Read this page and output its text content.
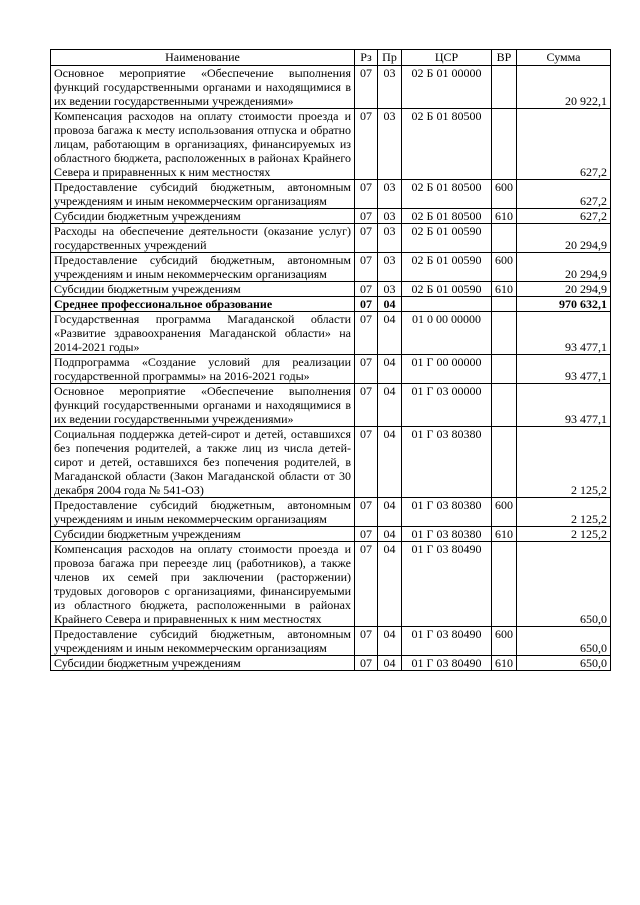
Наименование	Рз	Пр	ЦСР	ВР	Сумма
Основное мероприятие «Обеспечение выполнения функций государственными органами и находящимися в их ведении государственными учреждениями»	07	03	02 Б 01 00000		20 922,1
Компенсация расходов на оплату стоимости проезда и провоза багажа к месту использования отпуска и обратно лицам, работающим в организациях, финансируемых из областного бюджета, расположенных в районах Крайнего Севера и приравненных к ним местностях	07	03	02 Б 01 80500		627,2
Предоставление субсидий бюджетным, автономным учреждениям и иным некоммерческим организациям	07	03	02 Б 01 80500	600	627,2
Субсидии бюджетным учреждениям	07	03	02 Б 01 80500	610	627,2
Расходы на обеспечение деятельности (оказание услуг) государственных учреждений	07	03	02 Б 01 00590		20 294,9
Предоставление субсидий бюджетным, автономным учреждениям и иным некоммерческим организациям	07	03	02 Б 01 00590	600	20 294,9
Субсидии бюджетным учреждениям	07	03	02 Б 01 00590	610	20 294,9
Среднее профессиональное образование	07	04			970 632,1
Государственная программа Магаданской области «Развитие здравоохранения Магаданской области» на 2014-2021 годы»	07	04	01 0 00 00000		93 477,1
Подпрограмма «Создание условий для реализации государственной программы» на 2016-2021 годы»	07	04	01 Г 00 00000		93 477,1
Основное мероприятие «Обеспечение выполнения функций государственными органами и находящимися в их ведении государственными учреждениями»	07	04	01 Г 03 00000		93 477,1
Социальная поддержка детей-сирот и детей, оставшихся без попечения родителей, а также лиц из числа детей-сирот и детей, оставшихся без попечения родителей, в Магаданской области (Закон Магаданской области от 30 декабря 2004 года № 541-ОЗ)	07	04	01 Г 03 80380		2 125,2
Предоставление субсидий бюджетным, автономным учреждениям и иным некоммерческим организациям	07	04	01 Г 03 80380	600	2 125,2
Субсидии бюджетным учреждениям	07	04	01 Г 03 80380	610	2 125,2
Компенсация расходов на оплату стоимости проезда и провоза багажа при переезде лиц (работников), а также членов их семей при заключении (расторжении) трудовых договоров с организациями, финансируемыми из областного бюджета, расположенными в районах Крайнего Севера и приравненных к ним местностях	07	04	01 Г 03 80490		650,0
Предоставление субсидий бюджетным, автономным учреждениям и иным некоммерческим организациям	07	04	01 Г 03 80490	600	650,0
Субсидии бюджетным учреждениям	07	04	01 Г 03 80490	610	650,0
